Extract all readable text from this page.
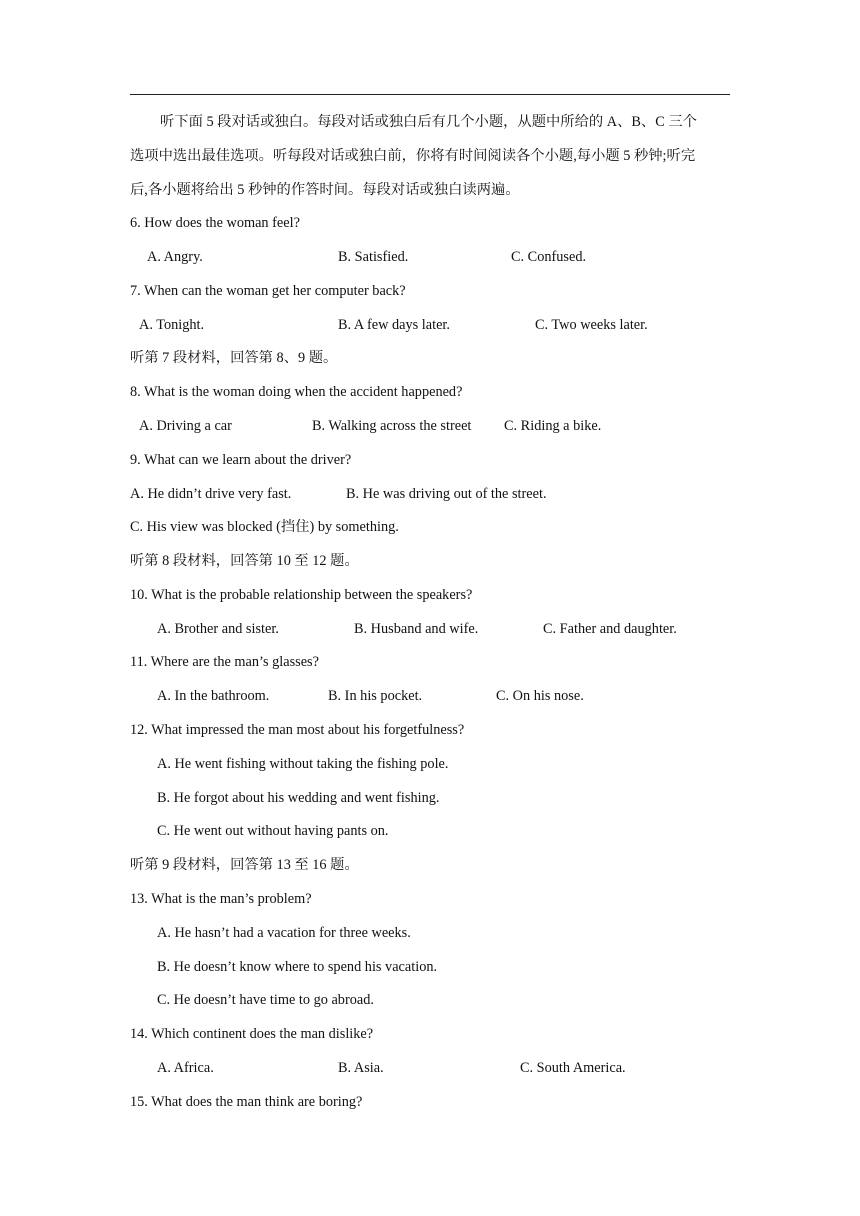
听下面 5 段对话或独白。每段对话或独白后有几个小题，从题中所给的 A、B、C 三个
选项中选出最佳选项。听每段对话或独白前，你将有时间阅读各个小题,每小题 5 秒钟;听完
后,各小题将给出 5 秒钟的作答时间。每段对话或独白读两遍。
6. How does the woman feel?
A. Angry.	B. Satisfied.	C. Confused.
7. When can the woman get her computer back?
A. Tonight.	B. A few days later.	C. Two weeks later.
听第 7 段材料，回答第 8、9 题。
8. What is the woman doing when the accident happened?
A. Driving a car	B. Walking across the street C. Riding a bike.
9. What can we learn about the driver?
A. He didn’t drive very fast.	B. He was driving out of the street.
C. His view was blocked (挡住) by something.
听第 8 段材料，回答第 10 至 12 题。
10. What is the probable relationship between the speakers?
A. Brother and sister.	B. Husband and wife.	C. Father and daughter.
11. Where are the man’s glasses?
A. In the bathroom.	B. In his pocket.	C. On his nose.
12. What impressed the man most about his forgetfulness?
A. He went fishing without taking the fishing pole.
B. He forgot about his wedding and went fishing.
C. He went out without having pants on.
听第 9 段材料，回答第 13 至 16 题。
13. What is the man’s problem?
A. He hasn’t had a vacation for three weeks.
B. He doesn’t know where to spend his vacation.
C. He doesn’t have time to go abroad.
14. Which continent does the man dislike?
A. Africa.	B. Asia.	C. South America.
15. What does the man think are boring?
